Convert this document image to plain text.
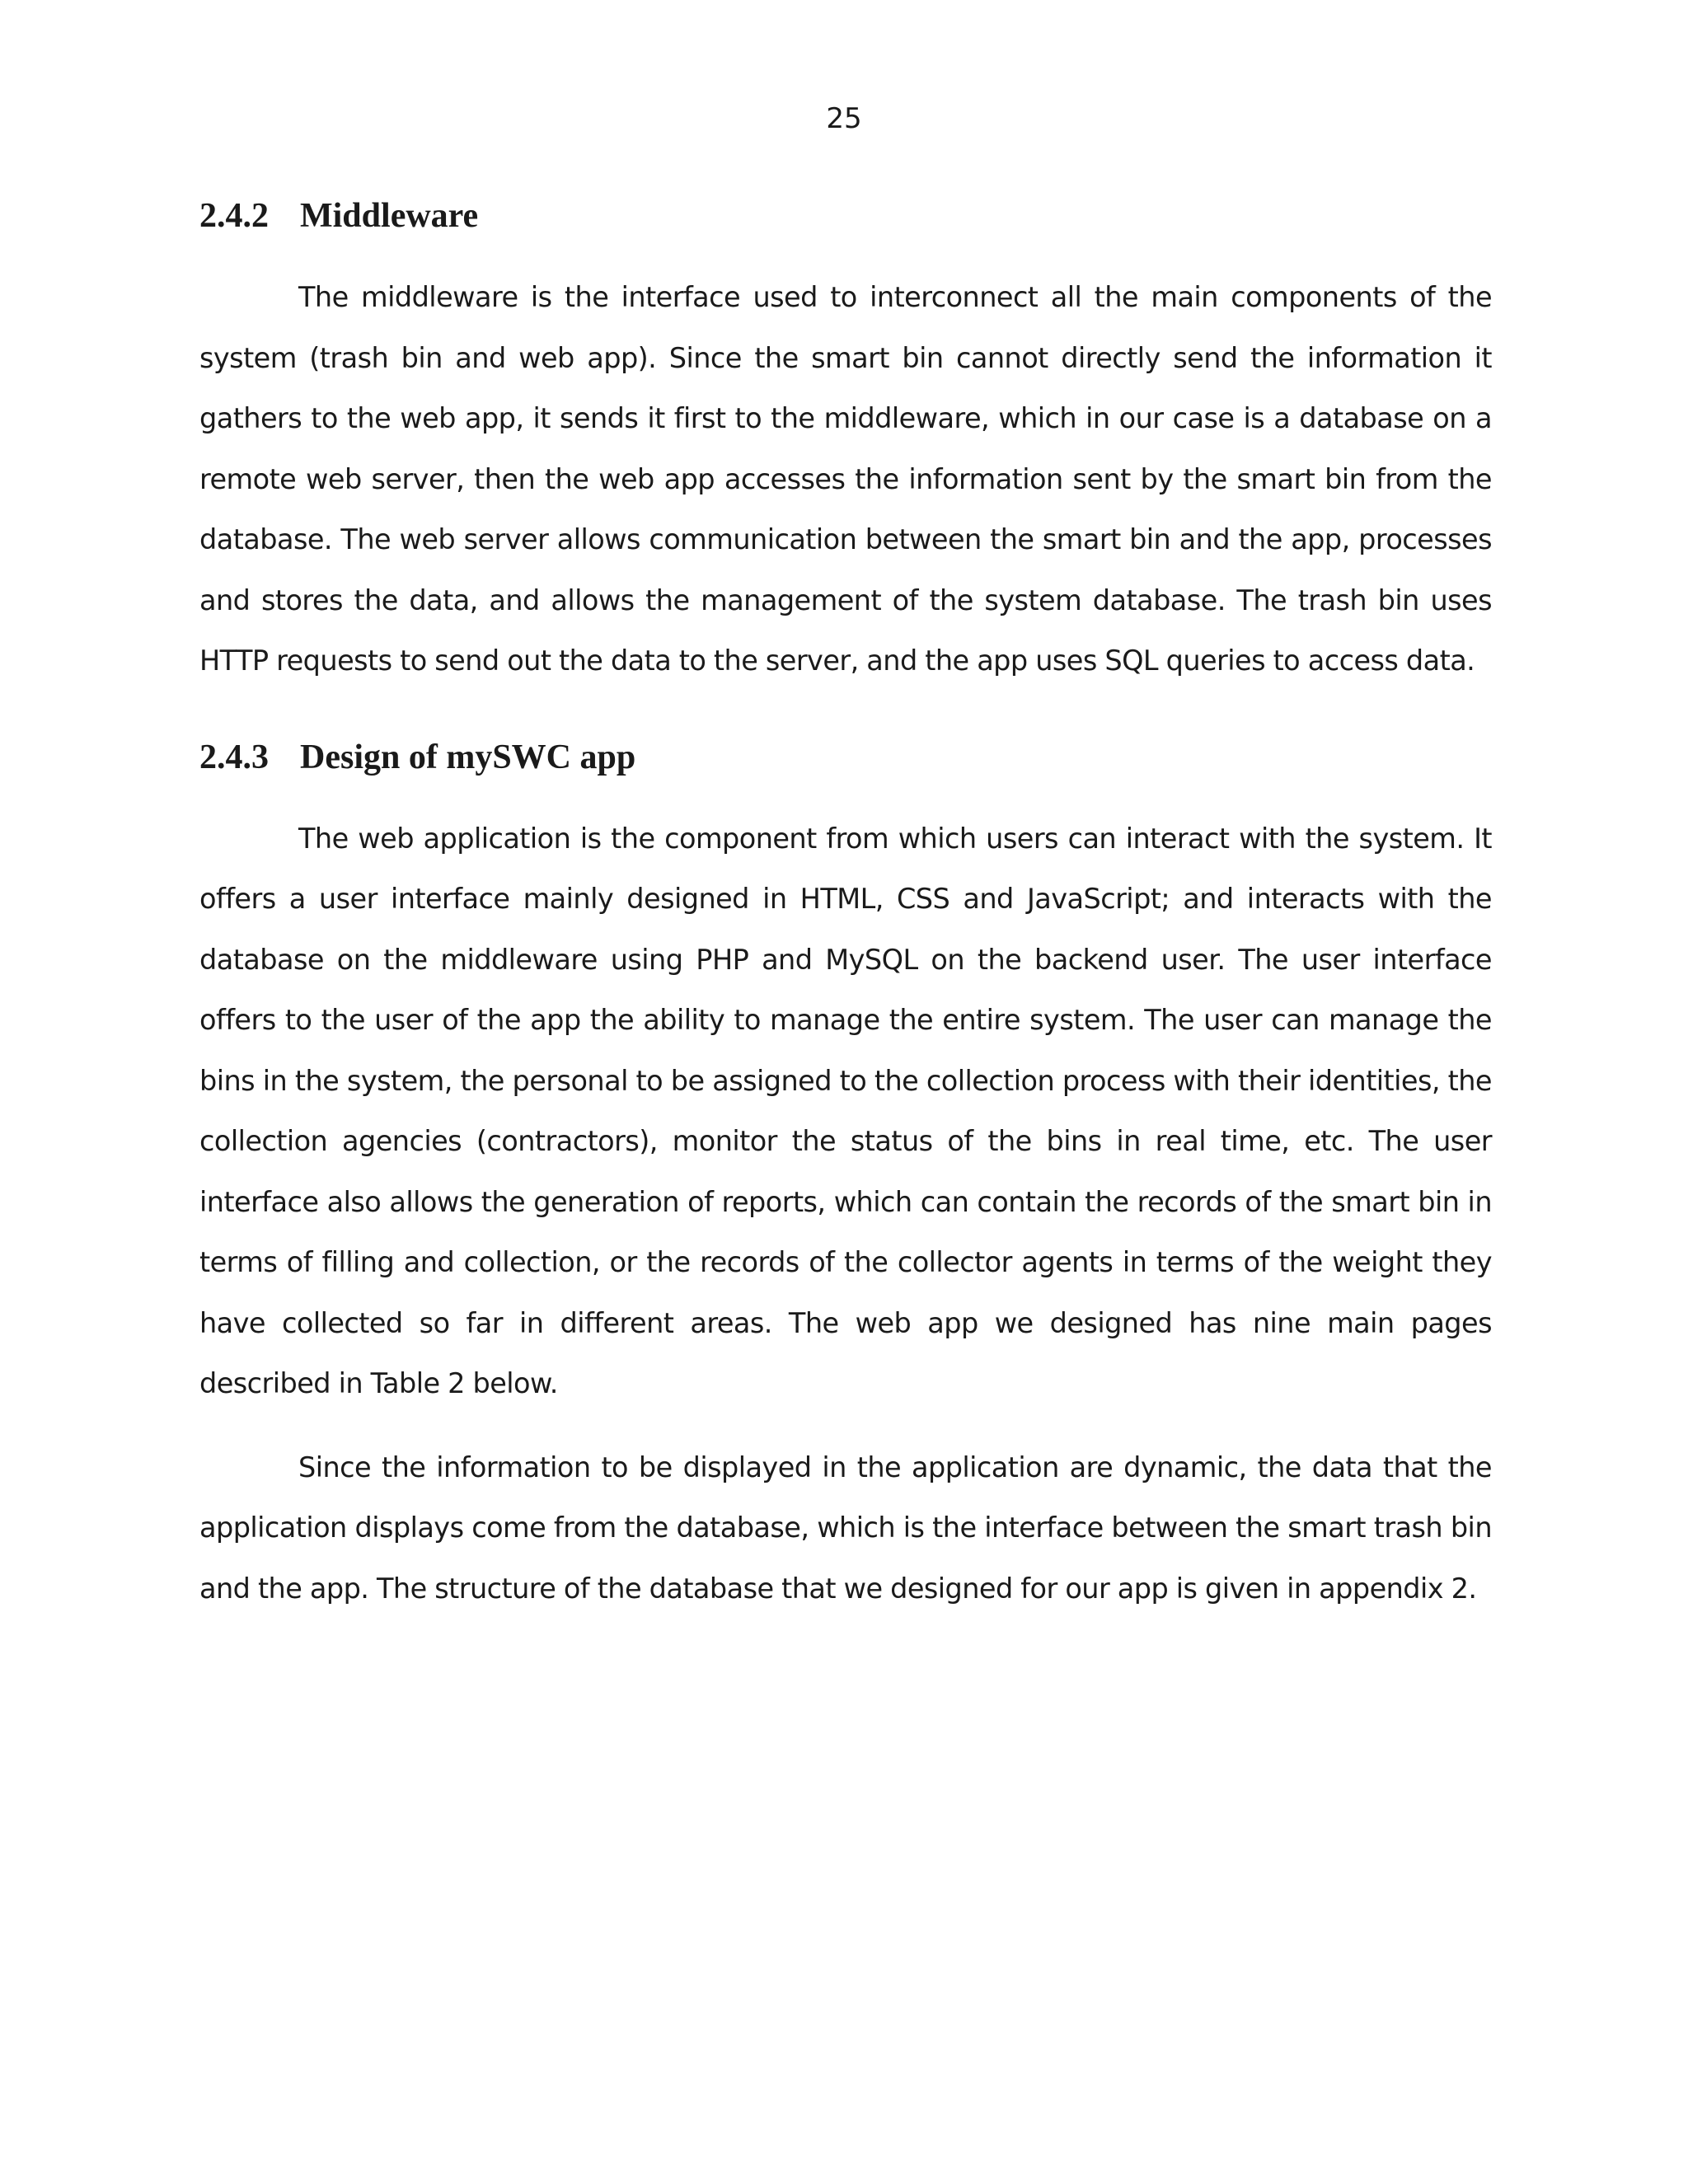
25

2.4.2 Middleware

The middleware is the interface used to interconnect all the main components of the system (trash bin and web app). Since the smart bin cannot directly send the information it gathers to the web app, it sends it first to the middleware, which in our case is a database on a remote web server, then the web app accesses the information sent by the smart bin from the database. The web server allows communication between the smart bin and the app, processes and stores the data, and allows the management of the system database. The trash bin uses HTTP requests to send out the data to the server, and the app uses SQL queries to access data.

2.4.3 Design of mySWC app

The web application is the component from which users can interact with the system. It offers a user interface mainly designed in HTML, CSS and JavaScript; and interacts with the database on the middleware using PHP and MySQL on the backend user. The user interface offers to the user of the app the ability to manage the entire system. The user can manage the bins in the system, the personal to be assigned to the collection process with their identities, the collection agencies (contractors), monitor the status of the bins in real time, etc. The user interface also allows the generation of reports, which can contain the records of the smart bin in terms of filling and collection, or the records of the collector agents in terms of the weight they have collected so far in different areas. The web app we designed has nine main pages described in Table 2 below.

Since the information to be displayed in the application are dynamic, the data that the application displays come from the database, which is the interface between the smart trash bin and the app. The structure of the database that we designed for our app is given in appendix 2.
